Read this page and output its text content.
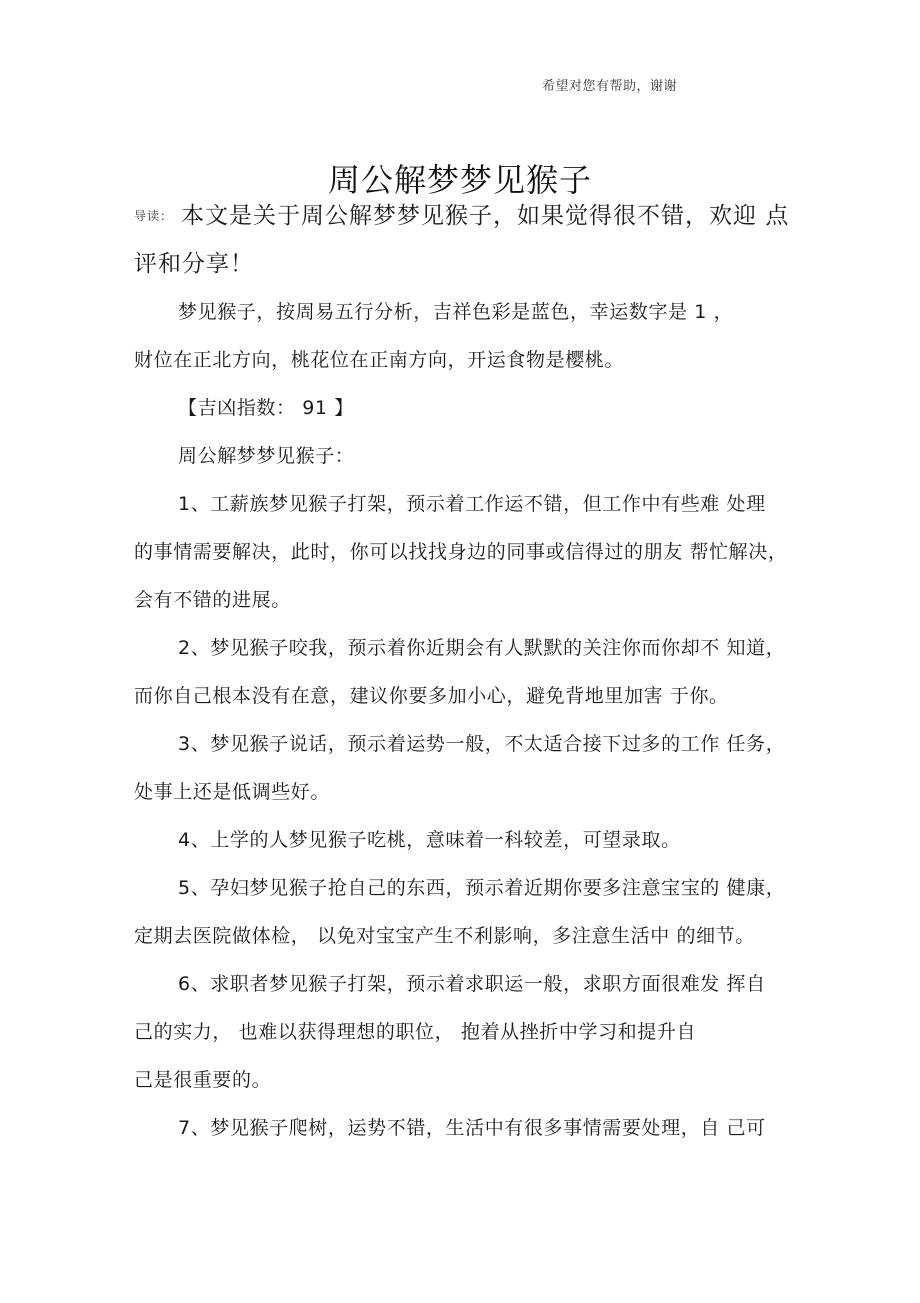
希望对您有帮助，谢谢
周公解梦梦见猴子
导读： 本文是关于周公解梦梦见猴子，如果觉得很不错，欢迎 点
评和分享！
梦见猴子，按周易五行分析，吉祥色彩是蓝色，幸运数字是 1 ，
财位在正北方向，桃花位在正南方向，开运食物是樱桃。
【吉凶指数： 91 】
周公解梦梦见猴子：
1、工薪族梦见猴子打架，预示着工作运不错，但工作中有些难 处理
的事情需要解决，此时，你可以找找身边的同事或信得过的朋友 帮忙解决，
会有不错的进展。
2、梦见猴子咬我，预示着你近期会有人默默的关注你而你却不 知道，
而你自己根本没有在意，建议你要多加小心，避免背地里加害 于你。
3、梦见猴子说话，预示着运势一般，不太适合接下过多的工作 任务，
处事上还是低调些好。
4、上学的人梦见猴子吃桃，意味着一科较差，可望录取。
5、孕妇梦见猴子抢自己的东西，预示着近期你要多注意宝宝的 健康，
定期去医院做体检， 以免对宝宝产生不利影响，多注意生活中 的细节。
6、求职者梦见猴子打架，预示着求职运一般，求职方面很难发 挥自
己的实力， 也难以获得理想的职位， 抱着从挫折中学习和提升自
己是很重要的。
7、梦见猴子爬树，运势不错，生活中有很多事情需要处理，自 己可
